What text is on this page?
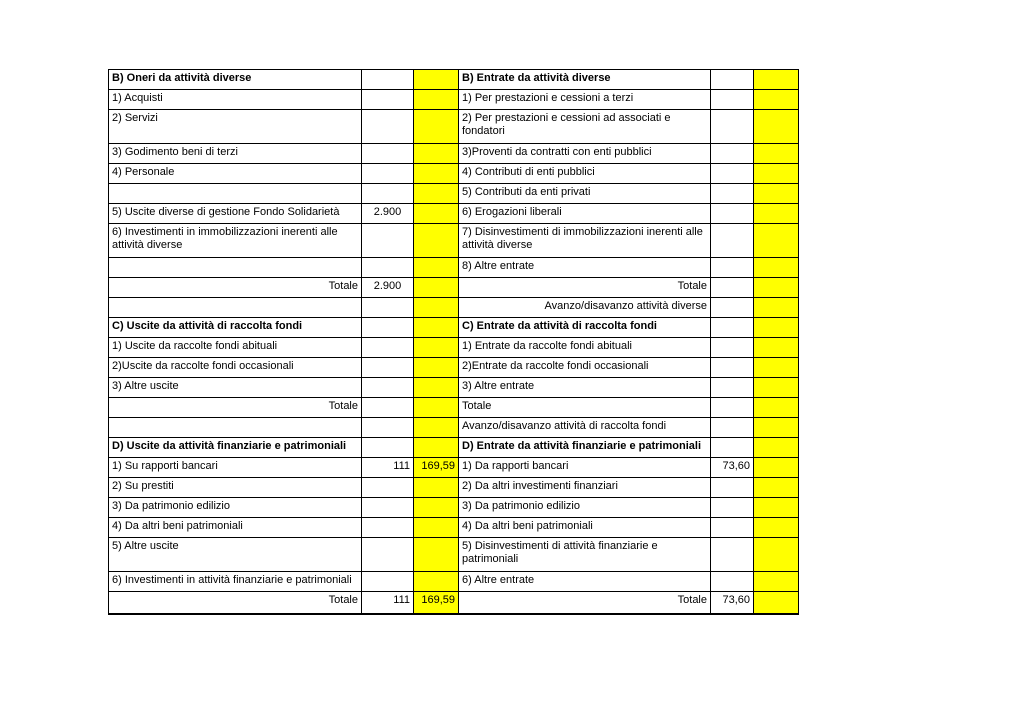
B) Oneri da attività diverse			B) Entrate da attività diverse		
1) Acquisti			1) Per prestazioni e cessioni a terzi		
2) Servizi			2) Per prestazioni e cessioni ad associati e fondatori		
3) Godimento beni di terzi			3)Proventi da contratti con enti pubblici		
4) Personale			4) Contributi di enti pubblici		
			5) Contributi da enti privati		
5) Uscite diverse di gestione Fondo Solidarietà	2.900		6) Erogazioni liberali		
6) Investimenti in immobilizzazioni inerenti alle attività diverse			7) Disinvestimenti di immobilizzazioni inerenti alle attività diverse		
			8) Altre entrate		
Totale	2.900		Totale		
			Avanzo/disavanzo attività diverse		
C) Uscite da attività di raccolta fondi			C) Entrate da attività di raccolta fondi		
1) Uscite da raccolte fondi abituali			1) Entrate da raccolte fondi abituali		
2)Uscite da raccolte fondi occasionali			2)Entrate da raccolte fondi occasionali		
3) Altre uscite			3) Altre entrate		
Totale			Totale		
			Avanzo/disavanzo attività di raccolta fondi		
D) Uscite da attività finanziarie e patrimoniali			D) Entrate da attività finanziarie e patrimoniali		
1) Su rapporti bancari	111	169,59	1) Da rapporti bancari	73,60	
2) Su prestiti			2) Da altri investimenti finanziari		
3) Da patrimonio edilizio			3) Da patrimonio edilizio		
4) Da altri beni patrimoniali			4) Da altri beni patrimoniali		
5) Altre uscite			5) Disinvestimenti di attività finanziarie e patrimoniali		
6) Investimenti in attività finanziarie e patrimoniali			6) Altre entrate		
Totale	111	169,59	Totale	73,60	
